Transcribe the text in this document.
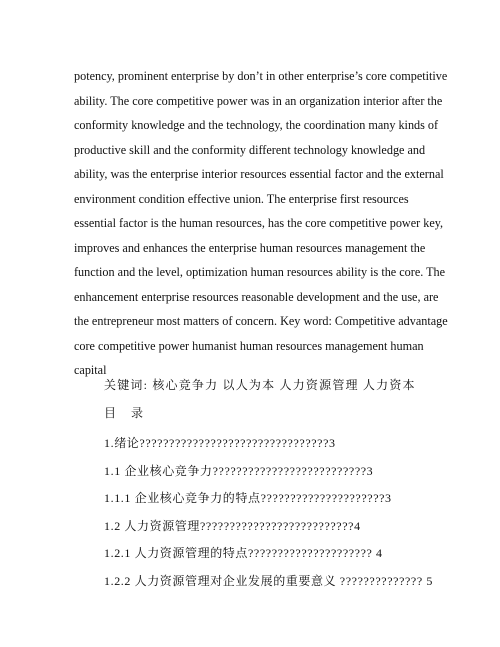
potency, prominent enterprise by don’t in other enterprise’s core competitive
ability. The core competitive power was in an organization interior after the
conformity knowledge and the technology, the coordination many kinds of
productive skill and the conformity different technology knowledge and
ability, was the enterprise interior resources essential factor and the external
environment condition effective union. The enterprise first resources
essential factor is the human resources, has the core competitive power key,
improves and enhances the enterprise human resources management the
function and the level, optimization human resources ability is the core. The
enhancement enterprise resources reasonable development and the use, are
the entrepreneur most matters of concern. Key word: Competitive advantage
core competitive power humanist human resources management human
capital
关键词: 核心竞争力 以人为本 人力资源管理 人力资本
目 录
1.绪论????????????????????????????????3
1.1 企业核心竞争力??????????????????????????3
1.1.1 企业核心竞争力的特点?????????????????????3
1.2 人力资源管理??????????????????????????4
1.2.1 人力资源管理的特点????????????????????? 4
1.2.2 人力资源管理对企业发展的重要意义 ?????????????? 5
